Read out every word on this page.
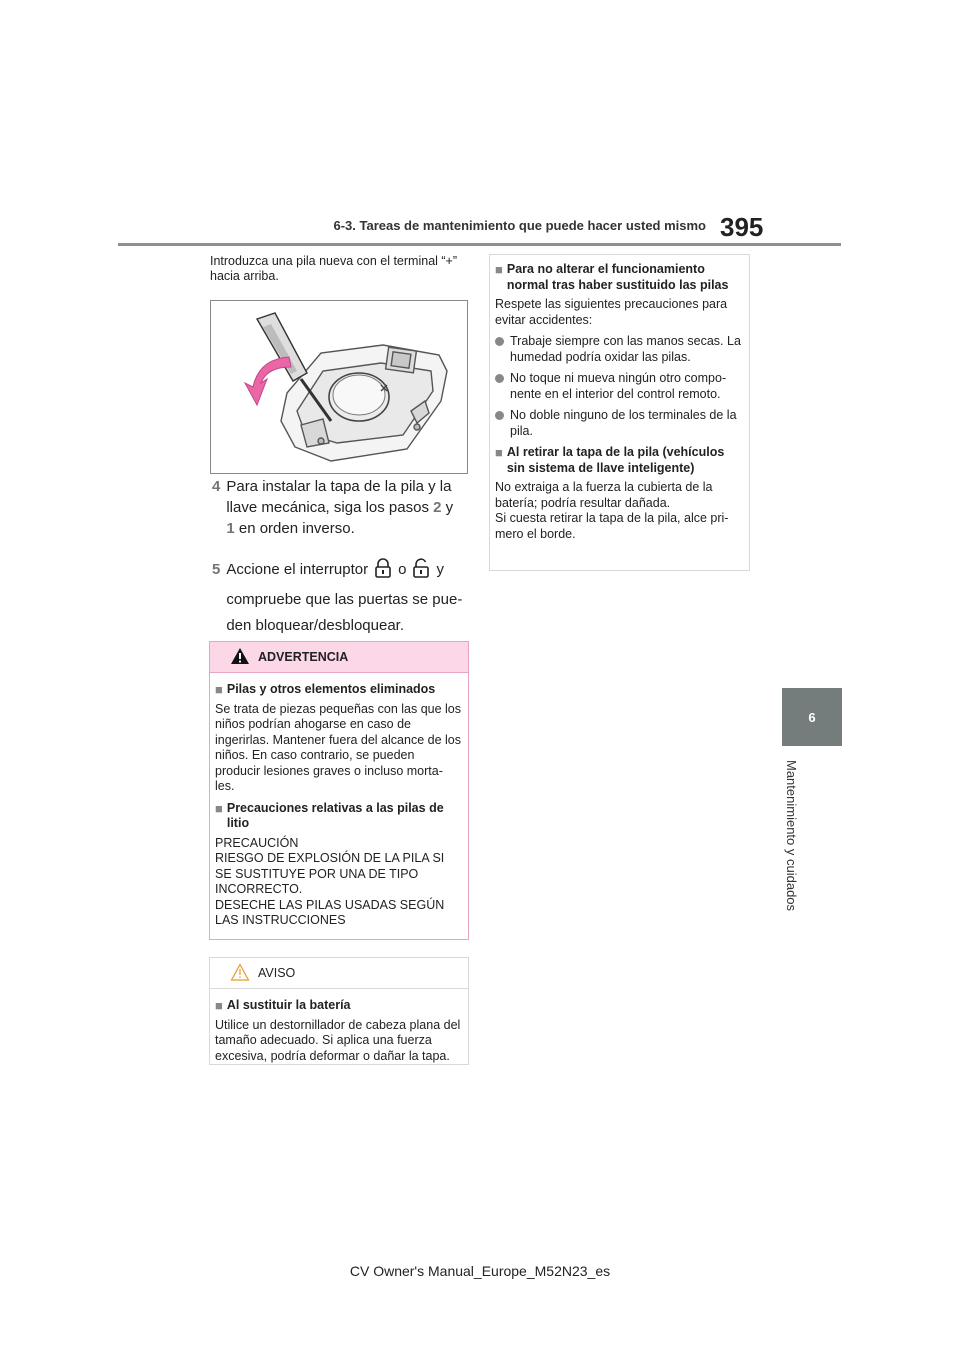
6-3. Tareas de mantenimiento que puede hacer usted mismo 395
6
Mantenimiento y cuidados
Introduzca una pila nueva con el terminal “+” hacia arriba.
4 Para instalar la tapa de la pila y la llave mecánica, siga los pasos 2 y
1 en orden inverso.
5 Accione el interruptor o y compruebe que las puertas se pue- den bloquear/desbloquear.
ADVERTENCIA
■ Pilas y otros elementos eliminados
Se trata de piezas pequeñas con las que los niños podrían ahogarse en caso de ingerirlas. Mantener fuera del alcance de los niños. En caso contrario, se pueden producir lesiones graves o incluso morta- les.
■ Precauciones relativas a las pilas de litio
PRECAUCIÓN
RIESGO DE EXPLOSIÓN DE LA PILA SI SE SUSTITUYE POR UNA DE TIPO INCORRECTO.
DESECHE LAS PILAS USADAS SEGÚN LAS INSTRUCCIONES
AVISO
■ Al sustituir la batería
Utilice un destornillador de cabeza plana del tamaño adecuado. Si aplica una fuerza excesiva, podría deformar o dañar la tapa.
■ Para no alterar el funcionamiento normal tras haber sustituido las pilas
Respete las siguientes precauciones para evitar accidentes:
Trabaje siempre con las manos secas. La humedad podría oxidar las pilas.
No toque ni mueva ningún otro compo- nente en el interior del control remoto.
No doble ninguno de los terminales de la pila.
■ Al retirar la tapa de la pila (vehículos sin sistema de llave inteligente)
No extraiga a la fuerza la cubierta de la batería; podría resultar dañada.
Si cuesta retirar la tapa de la pila, alce pri- mero el borde.
CV Owner's Manual_Europe_M52N23_es
